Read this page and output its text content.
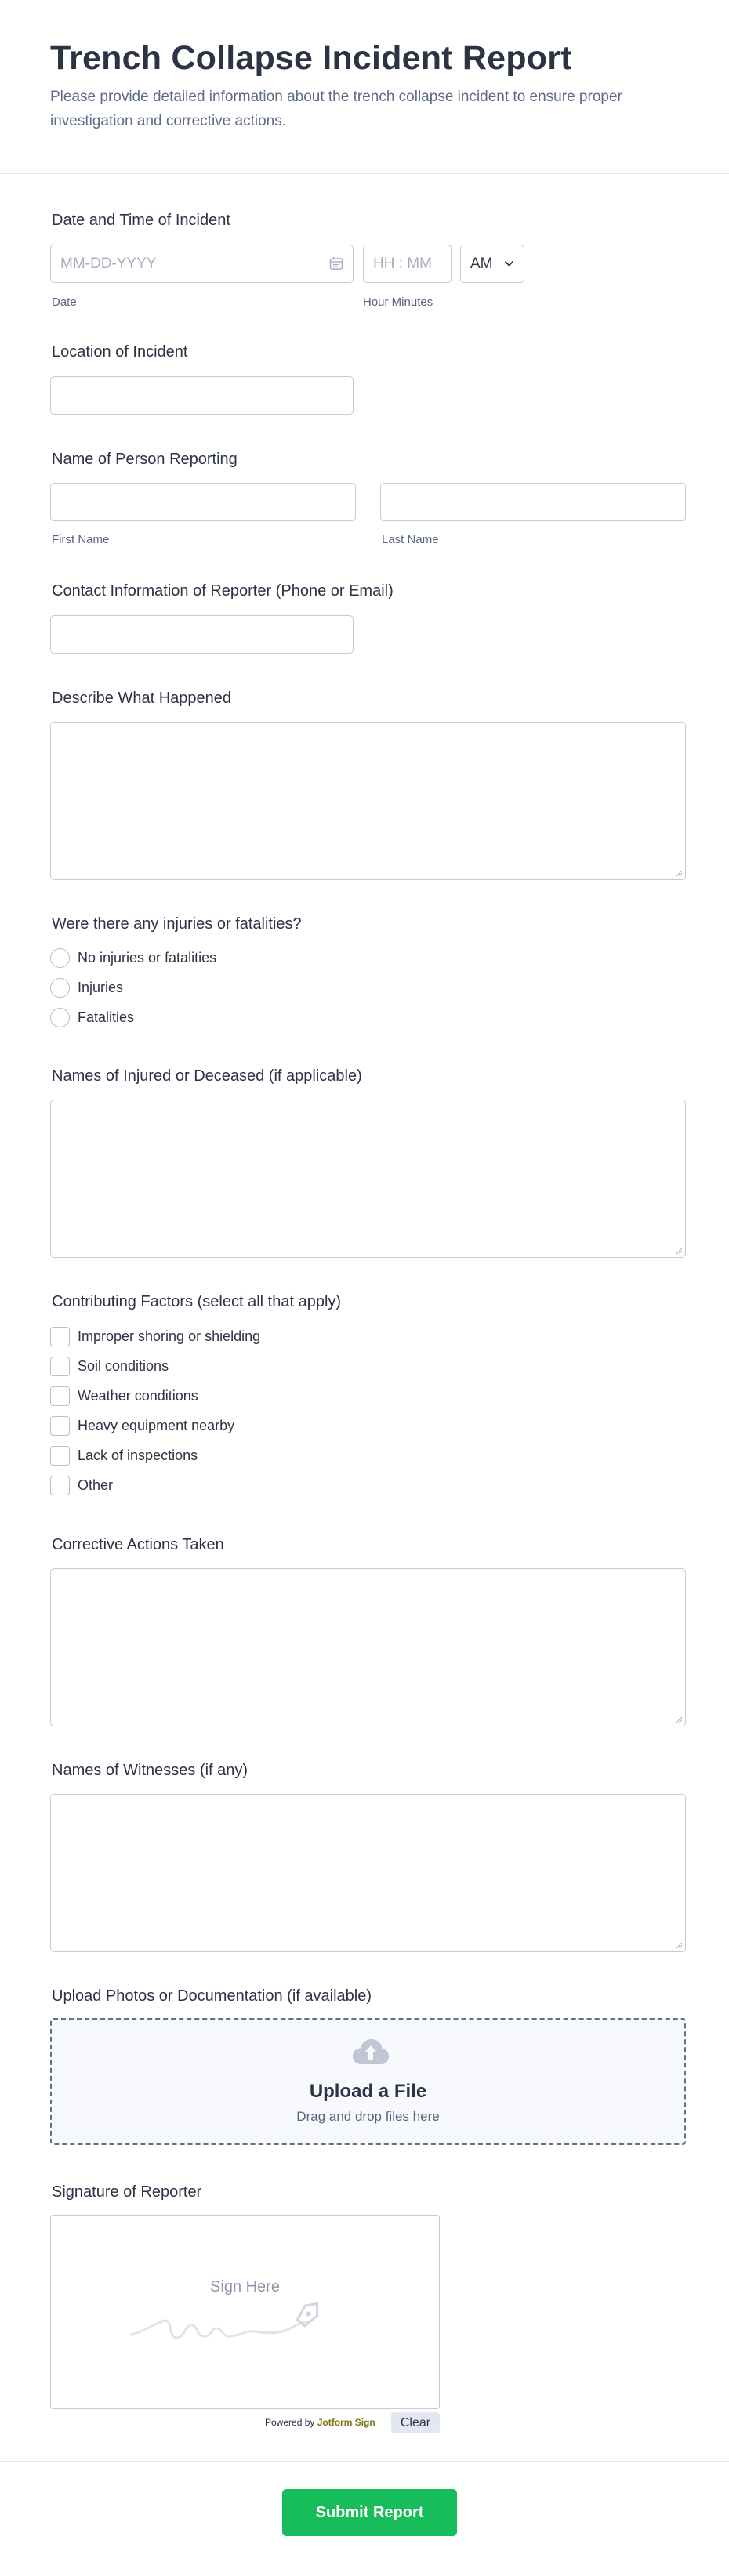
Trench Collapse Incident Report
Please provide detailed information about the trench collapse incident to ensure proper investigation and corrective actions.
Date and Time of Incident
MM-DD-YYYY
Date
HH : MM
Hour Minutes
AM
Location of Incident
Name of Person Reporting
First Name	Last Name
Contact Information of Reporter (Phone or Email)
Describe What Happened
Were there any injuries or fatalities?
No injuries or fatalities
Injuries
Fatalities
Names of Injured or Deceased (if applicable)
Contributing Factors (select all that apply)
Improper shoring or shielding
Soil conditions
Weather conditions
Heavy equipment nearby
Lack of inspections
Other
Corrective Actions Taken
Names of Witnesses (if any)
Upload Photos or Documentation (if available)
Upload a File
Drag and drop files here
Signature of Reporter
Sign Here
Powered by Jotform Sign	Clear
Submit Report
